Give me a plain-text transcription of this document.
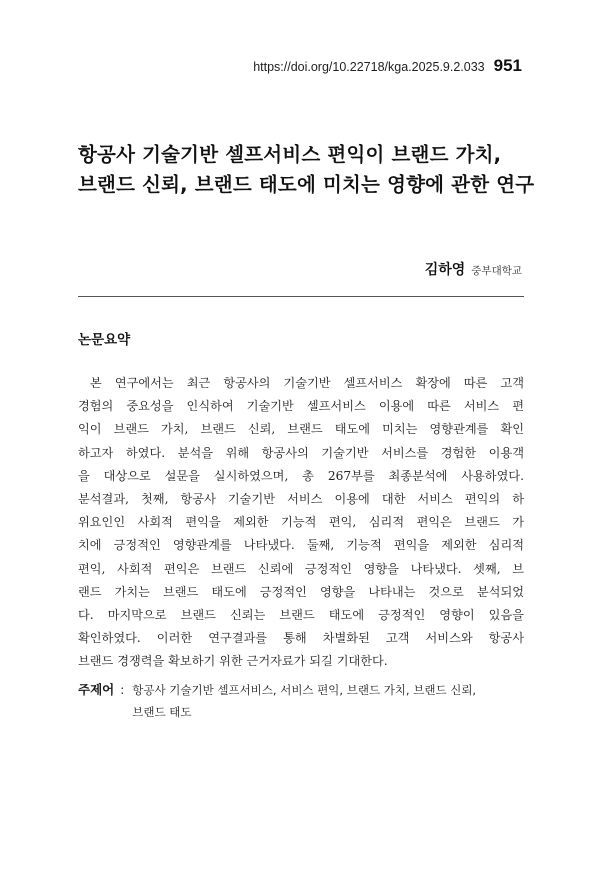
https://doi.org/10.22718/kga.2025.9.2.033 951
항공사 기술기반 셀프서비스 편익이 브랜드 가치,
브랜드 신뢰, 브랜드 태도에 미치는 영향에 관한 연구
김하영 중부대학교
논문요약
본 연구에서는 최근 항공사의 기술기반 셀프서비스 확장에 따른 고객
경험의 중요성을 인식하여 기술기반 셀프서비스 이용에 따른 서비스 편
익이 브랜드 가치, 브랜드 신뢰, 브랜드 태도에 미치는 영향관계를 확인
하고자 하였다. 분석을 위해 항공사의 기술기반 서비스를 경험한 이용객
을 대상으로 설문을 실시하였으며, 총 267부를 최종분석에 사용하였다.
분석결과, 첫째, 항공사 기술기반 서비스 이용에 대한 서비스 편익의 하
위요인인 사회적 편익을 제외한 기능적 편익, 심리적 편익은 브랜드 가
치에 긍정적인 영향관계를 나타냈다. 둘째, 기능적 편익을 제외한 심리적
편익, 사회적 편익은 브랜드 신뢰에 긍정적인 영향을 나타냈다. 셋째, 브
랜드 가치는 브랜드 태도에 긍정적인 영향을 나타내는 것으로 분석되었
다. 마지막으로 브랜드 신뢰는 브랜드 태도에 긍정적인 영향이 있음을
확인하였다. 이러한 연구결과를 통해 차별화된 고객 서비스와 항공사
브랜드 경쟁력을 확보하기 위한 근거자료가 되길 기대한다.
주제어 : 항공사 기술기반 셀프서비스, 서비스 편익, 브랜드 가치, 브랜드 신뢰,
브랜드 태도
